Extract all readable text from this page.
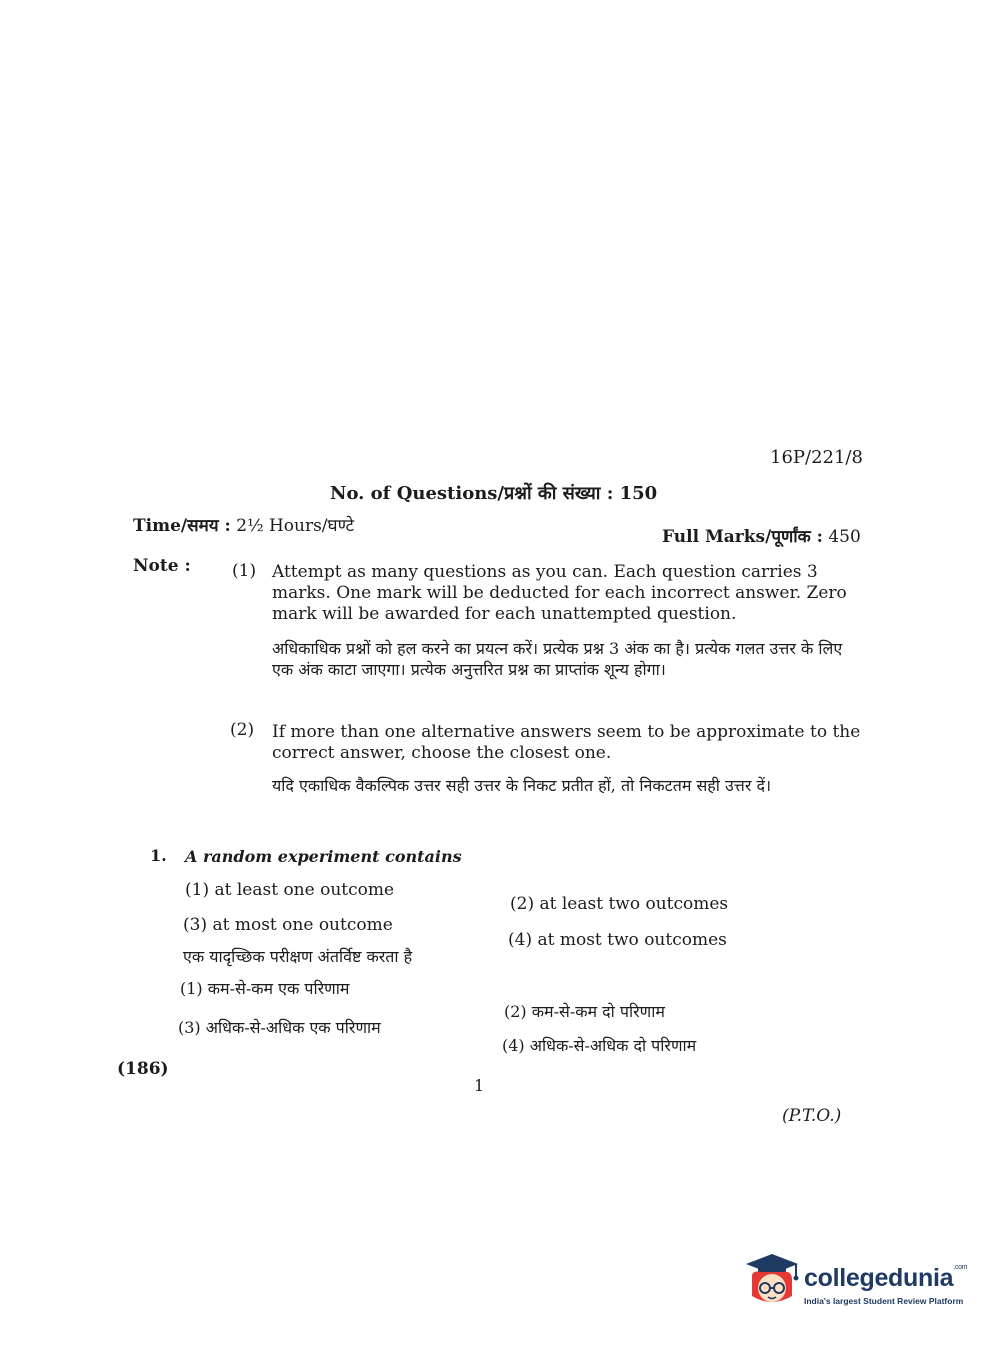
16P/221/8
No. of Questions/प्रश्नों की संख्या : 150
Time/समय : 2½ Hours/घण्टे
Full Marks/पूर्णांक : 450
Note : (1) Attempt as many questions as you can. Each question carries 3 marks. One mark will be deducted for each incorrect answer. Zero mark will be awarded for each unattempted question.
अधिकाधिक प्रश्नों को हल करने का प्रयत्न करें। प्रत्येक प्रश्न 3 अंक का है। प्रत्येक गलत उत्तर के लिए एक अंक काटा जाएगा। प्रत्येक अनुत्तरित प्रश्न का प्राप्तांक शून्य होगा।
(2) If more than one alternative answers seem to be approximate to the correct answer, choose the closest one.
यदि एकाधिक वैकल्पिक उत्तर सही उत्तर के निकट प्रतीत हों, तो निकटतम सही उत्तर दें।
1. A random experiment contains
(1) at least one outcome
(2) at least two outcomes
(3) at most one outcome
(4) at most two outcomes
एक यादृच्छिक परीक्षण अंतर्विष्ट करता है
(1) कम-से-कम एक परिणाम
(2) कम-से-कम दो परिणाम
(3) अधिक-से-अधिक एक परिणाम
(4) अधिक-से-अधिक दो परिणाम
(186)
1
(P.T.O.)
collegedunia$^{.com}$
India's largest Student Review Platform
